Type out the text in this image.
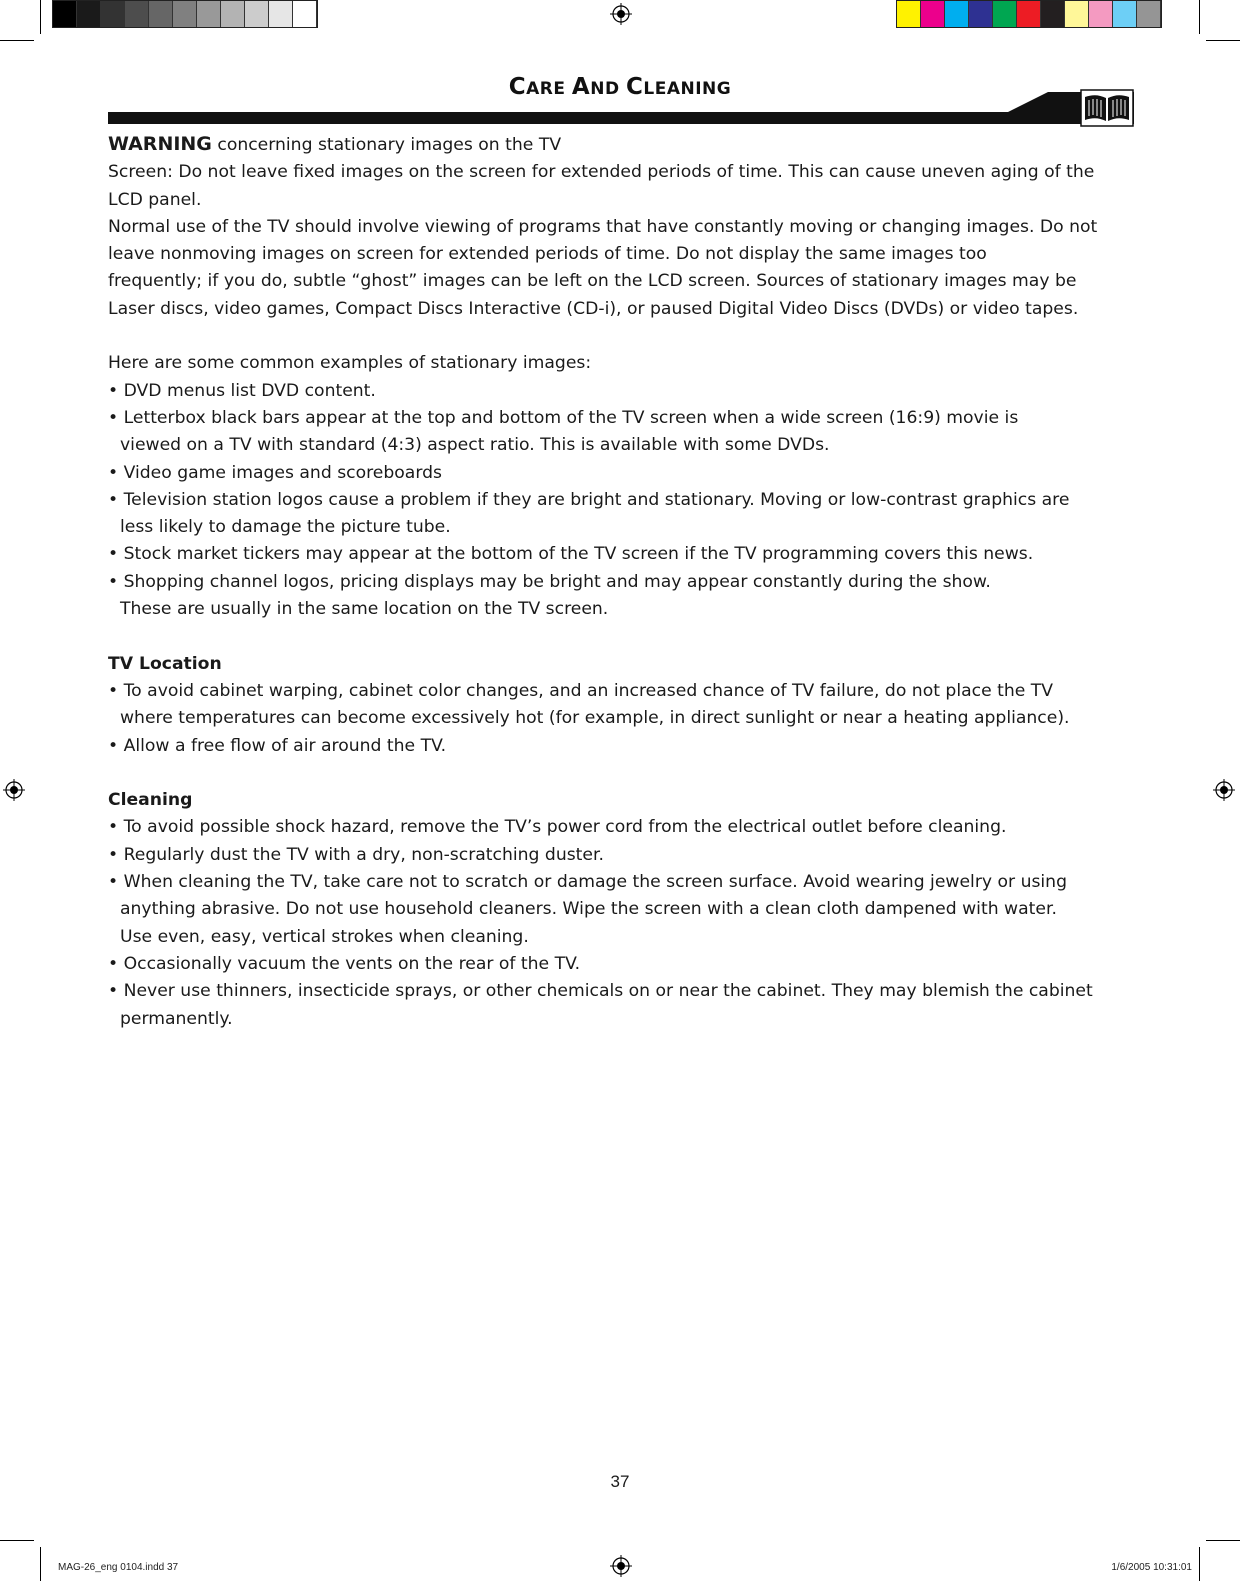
CARE AND CLEANING

WARNING concerning stationary images on the TV

Screen: Do not leave fixed images on the screen for extended periods of time. This can cause uneven aging of the

LCD panel.

Normal use of the TV should involve viewing of programs that have constantly moving or changing images. Do not

leave nonmoving images on screen for extended periods of time. Do not display the same images too

frequently; if you do, subtle “ghost” images can be left on the LCD screen. Sources of stationary images may be

Laser discs, video games, Compact Discs Interactive (CD-i), or paused Digital Video Discs (DVDs) or video tapes.

Here are some common examples of stationary images:

• DVD menus list DVD content.

• Letterbox black bars appear at the top and bottom of the TV screen when a wide screen (16:9) movie is

viewed on a TV with standard (4:3) aspect ratio. This is available with some DVDs.

• Video game images and scoreboards

• Television station logos cause a problem if they are bright and stationary. Moving or low-contrast graphics are

less likely to damage the picture tube.

• Stock market tickers may appear at the bottom of the TV screen if the TV programming covers this news.

• Shopping channel logos, pricing displays may be bright and may appear constantly during the show.

These are usually in the same location on the TV screen.

TV Location

• To avoid cabinet warping, cabinet color changes, and an increased chance of TV failure, do not place the TV

where temperatures can become excessively hot (for example, in direct sunlight or near a heating appliance).

• Allow a free flow of air around the TV.

Cleaning

• To avoid possible shock hazard, remove the TV’s power cord from the electrical outlet before cleaning.

• Regularly dust the TV with a dry, non-scratching duster.

• When cleaning the TV, take care not to scratch or damage the screen surface. Avoid wearing jewelry or using

anything abrasive. Do not use household cleaners. Wipe the screen with a clean cloth dampened with water.

Use even, easy, vertical strokes when cleaning.

• Occasionally vacuum the vents on the rear of the TV.

• Never use thinners, insecticide sprays, or other chemicals on or near the cabinet. They may blemish the cabinet

permanently.

37
MAG-26_eng 0104.indd 37	1/6/2005 10:31:01
